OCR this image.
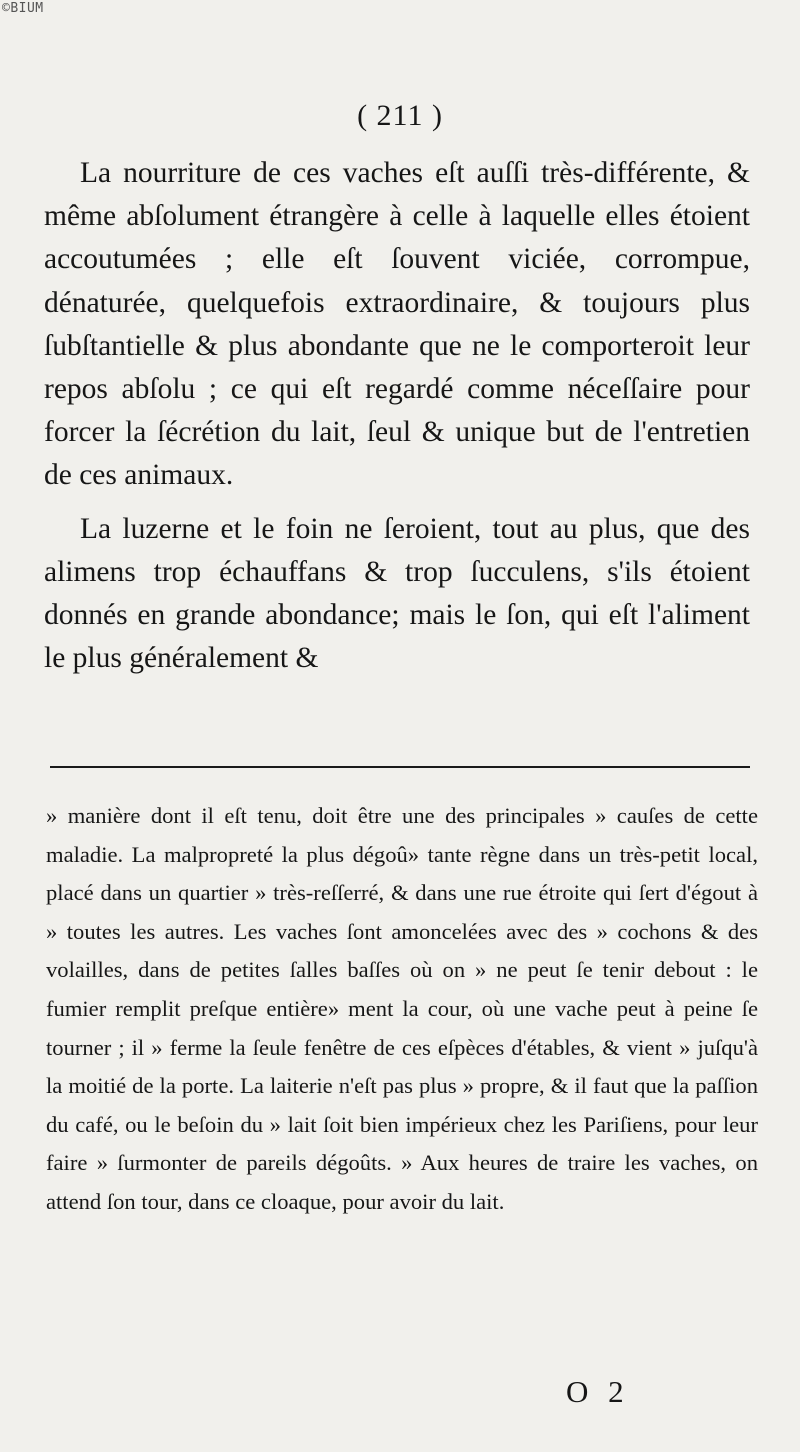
©BIUM
( 211 )

La nourriture de ces vaches eſt auſſi très-différente, & même abſolument étrangère à celle à laquelle elles étoient accoutumées ; elle eſt ſouvent viciée, corrompue, dénaturée, quelquefois extraordinaire, & toujours plus ſubſtantielle & plus abondante que ne le comporteroit leur repos abſolu ; ce qui eſt regardé comme néceſſaire pour forcer la ſécrétion du lait, ſeul & unique but de l'entretien de ces animaux.

La luzerne et le foin ne ſeroient, tout au plus, que des alimens trop échauffans & trop ſucculens, s'ils étoient donnés en grande abondance; mais le ſon, qui eſt l'aliment le plus généralement &

» manière dont il eſt tenu, doit être une des principales » cauſes de cette maladie. La malpropreté la plus dégoû» tante règne dans un très-petit local, placé dans un quartier » très-reſſerré, & dans une rue étroite qui ſert d'égout à » toutes les autres. Les vaches ſont amoncelées avec des » cochons & des volailles, dans de petites ſalles baſſes où on » ne peut ſe tenir debout : le fumier remplit preſque entière» ment la cour, où une vache peut à peine ſe tourner ; il » ferme la ſeule fenêtre de ces eſpèces d'étables, & vient » juſqu'à la moitié de la porte. La laiterie n'eſt pas plus » propre, & il faut que la paſſion du café, ou le beſoin du » lait ſoit bien impérieux chez les Pariſiens, pour leur faire » ſurmonter de pareils dégoûts. » Aux heures de traire les vaches, on attend ſon tour, dans ce cloaque, pour avoir du lait.

O 2
